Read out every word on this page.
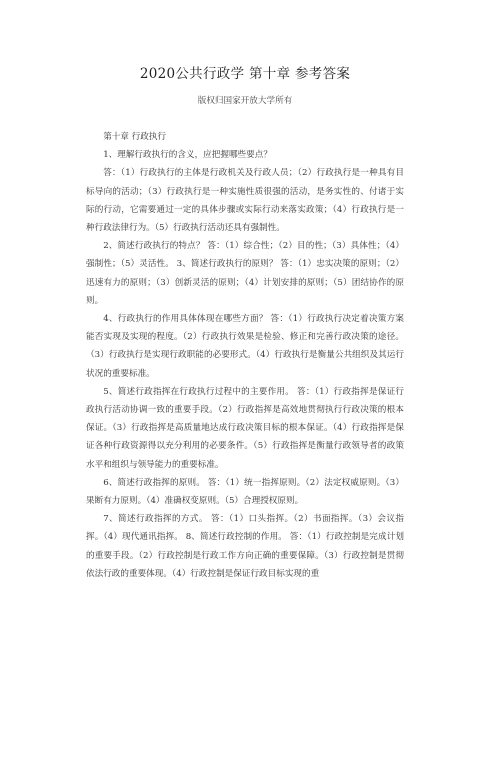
2020公共行政学 第十章 参考答案
版权归国家开放大学所有

第十章 行政执行

1、理解行政执行的含义，应把握哪些要点？

答：（1）行政执行的主体是行政机关及行政人员；（2）行政执行是一种具有目标导向的活动；（3）行政执行是一种实施性质很强的活动，是务实性的、付诸于实际的行动，它需要通过一定的具体步骤或实际行动来落实政策；（4）行政执行是一种行政法律行为。（5）行政执行活动还具有强制性。

2、简述行政执行的特点？ 答：（1）综合性；（2）目的性；（3）具体性；（4）强制性；（5）灵活性。 3、简述行政执行的原则？ 答：（1）忠实决策的原则；（2）迅速有力的原则；（3）创新灵活的原则；（4）计划安排的原则；（5）团结协作的原则。

4、行政执行的作用具体体现在哪些方面？ 答：（1）行政执行决定着决策方案能否实现及实现的程度。（2）行政执行效果是检验、修正和完善行政决策的途径。（3）行政执行是实现行政职能的必要形式。（4）行政执行是衡量公共组织及其运行状况的重要标准。

5、简述行政指挥在行政执行过程中的主要作用。 答：（1）行政指挥是保证行政执行活动协调一致的重要手段。（2）行政指挥是高效地贯彻执行行政决策的根本保证。（3）行政指挥是高质量地达成行政决策目标的根本保证。（4）行政指挥是保证各种行政资源得以充分利用的必要条件。（5）行政指挥是衡量行政领导者的政策水平和组织与领导能力的重要标准。

6、简述行政指挥的原则。 答：（1）统一指挥原则。（2）法定权威原则。（3）果断有力原则。（4）准确权变原则。（5）合理授权原则。

7、简述行政指挥的方式。 答：（1）口头指挥。（2）书面指挥。（3）会议指挥。（4）现代通讯指挥。 8、简述行政控制的作用。 答：（1）行政控制是完成计划的重要手段。（2）行政控制是行政工作方向正确的重要保障。（3）行政控制是贯彻依法行政的重要体现。（4）行政控制是保证行政目标实现的重
